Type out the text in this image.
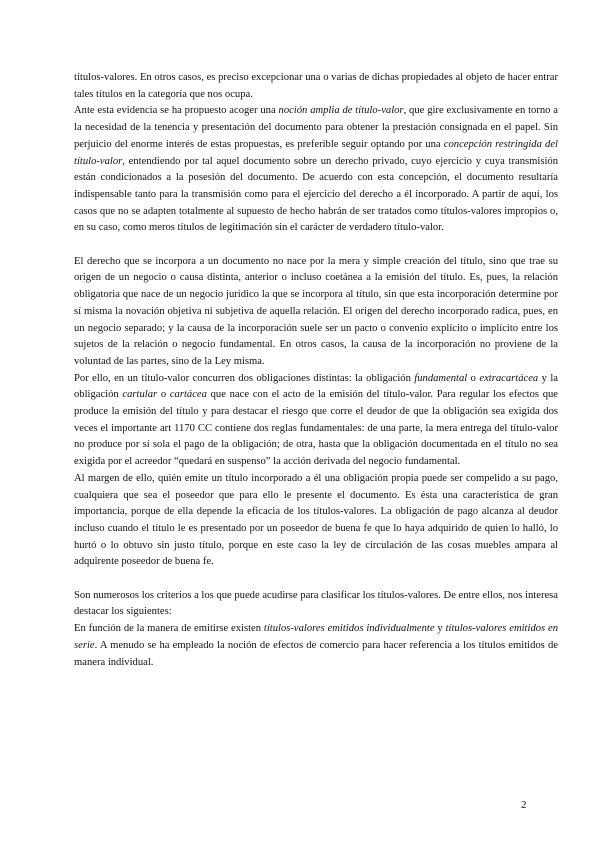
títulos-valores. En otros casos, es preciso excepcionar una o varias de dichas propiedades al objeto de hacer entrar tales títulos en la categoría que nos ocupa.

Ante esta evidencia se ha propuesto acoger una noción amplia de título-valor, que gire exclusivamente en torno a la necesidad de la tenencia y presentación del documento para obtener la prestación consignada en el papel. Sin perjuicio del enorme interés de estas propuestas, es preferible seguir optando por una concepción restringida del título-valor, entendiendo por tal aquel documento sobre un derecho privado, cuyo ejercicio y cuya transmisión están condicionados a la posesión del documento. De acuerdo con esta concepción, el documento resultaría indispensable tanto para la transmisión como para el ejercicio del derecho a él incorporado. A partir de aquí, los casos que no se adapten totalmente al supuesto de hecho habrán de ser tratados como títulos-valores impropios o, en su caso, como meros títulos de legitimación sin el carácter de verdadero título-valor.

El derecho que se incorpora a un documento no nace por la mera y simple creación del título, sino que trae su origen de un negocio o causa distinta, anterior o incluso coetánea a la emisión del título. Es, pues, la relación obligatoria que nace de un negocio jurídico la que se incorpora al título, sin que esta incorporación determine por sí misma la novación objetiva ni subjetiva de aquella relación. El origen del derecho incorporado radica, pues, en un negocio separado; y la causa de la incorporación suele ser un pacto o convenio explícito o implícito entre los sujetos de la relación o negocio fundamental. En otros casos, la causa de la incorporación no proviene de la voluntad de las partes, sino de la Ley misma.

Por ello, en un título-valor concurren dos obligaciones distintas: la obligación fundamental o extracartácea y la obligación cartular o cartácea que nace con el acto de la emisión del título-valor. Para regular los efectos que produce la emisión del título y para destacar el riesgo que corre el deudor de que la obligación sea exigida dos veces el importante art 1170 CC contiene dos reglas fundamentales: de una parte, la mera entrega del título-valor no produce por sí sola el pago de la obligación; de otra, hasta que la obligación documentada en el título no sea exigida por el acreedor “quedará en suspenso” la acción derivada del negocio fundamental.

Al margen de ello, quién emite un título incorporado a él una obligación propia puede ser compelido a su pago, cualquiera que sea el poseedor que para ello le presente el documento. Es ésta una característica de gran importancia, porque de ella depende la eficacia de los títulos-valores. La obligación de pago alcanza al deudor incluso cuando el título le es presentado por un poseedor de buena fe que lo haya adquirido de quien lo halló, lo hurtó o lo obtuvo sin justo título, porque en este caso la ley de circulación de las cosas muebles ampara al adquirente poseedor de buena fe.

Son numerosos los criterios a los que puede acudirse para clasificar los títulos-valores. De entre ellos, nos interesa destacar los siguientes:

En función de la manera de emitirse existen títulos-valores emitidos individualmente y títulos-valores emitidos en serie. A menudo se ha empleado la noción de efectos de comercio para hacer referencia a los títulos emitidos de manera individual.

2
